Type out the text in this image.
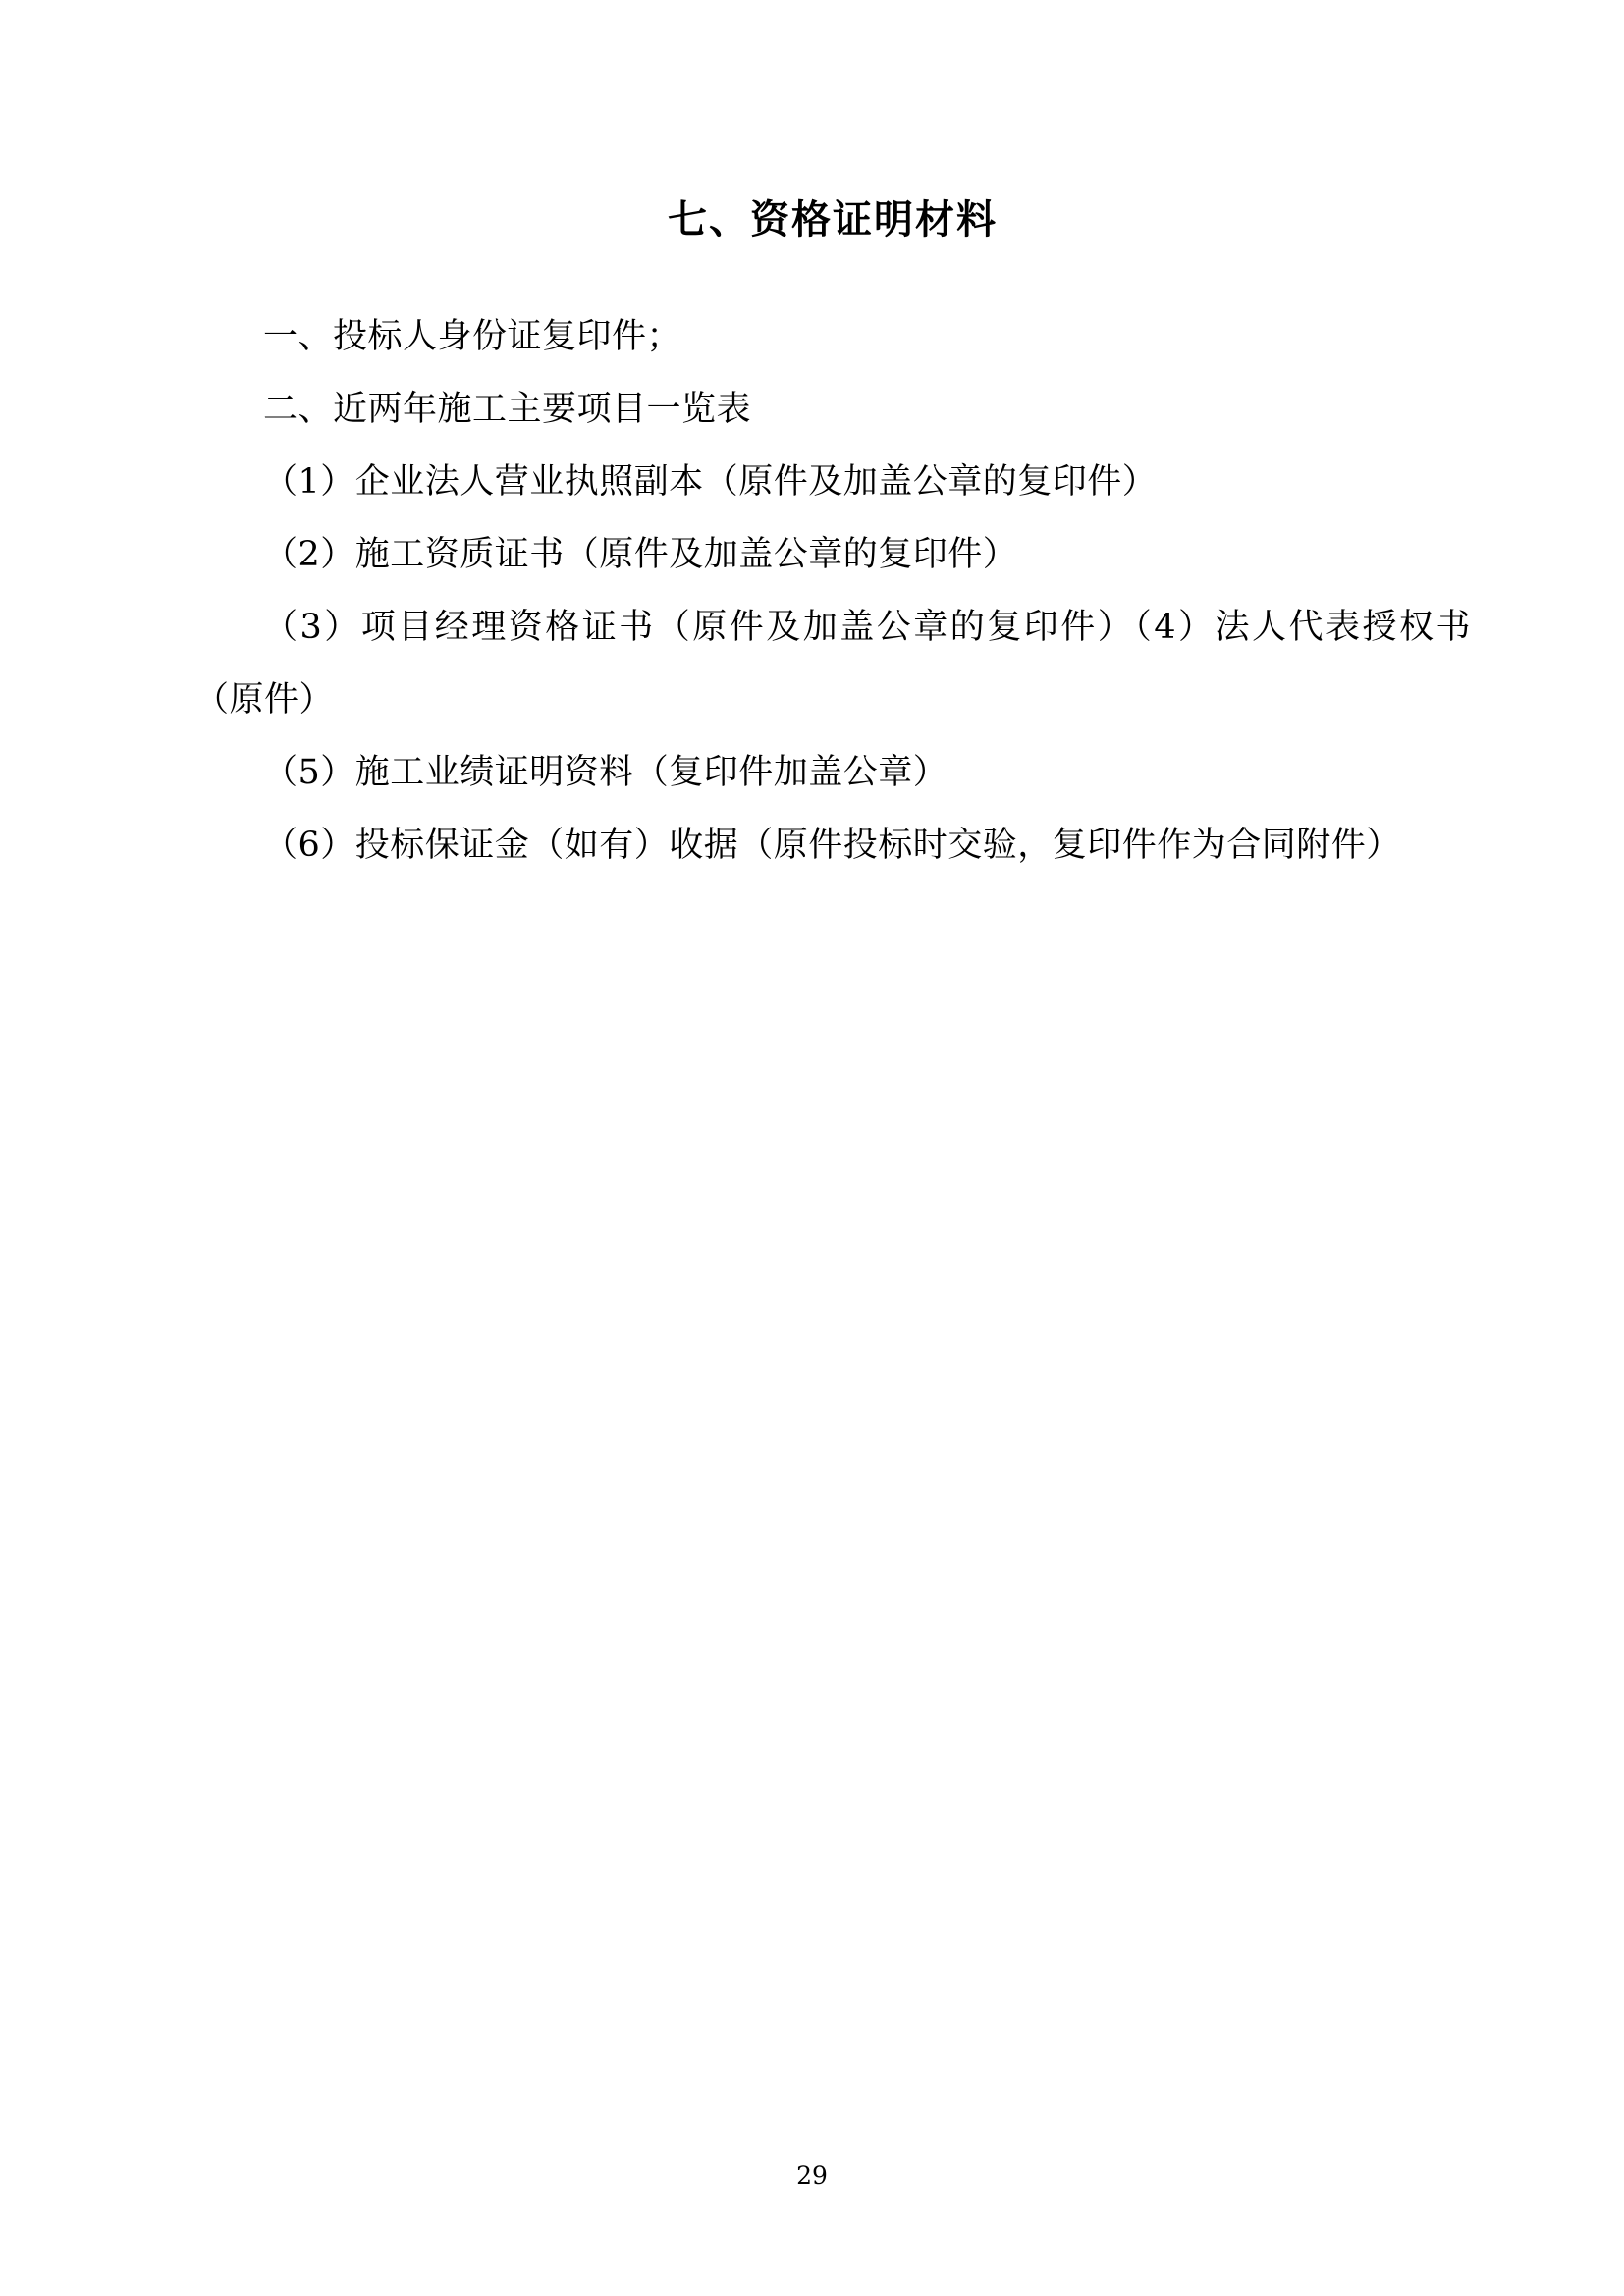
七、资格证明材料

一、投标人身份证复印件；

二、近两年施工主要项目一览表

（1）企业法人营业执照副本（原件及加盖公章的复印件）

（2）施工资质证书（原件及加盖公章的复印件）

（3）项目经理资格证书（原件及加盖公章的复印件）（4）法人代表授权书（原件）

（5）施工业绩证明资料（复印件加盖公章）

（6）投标保证金（如有）收据（原件投标时交验，复印件作为合同附件）

29
